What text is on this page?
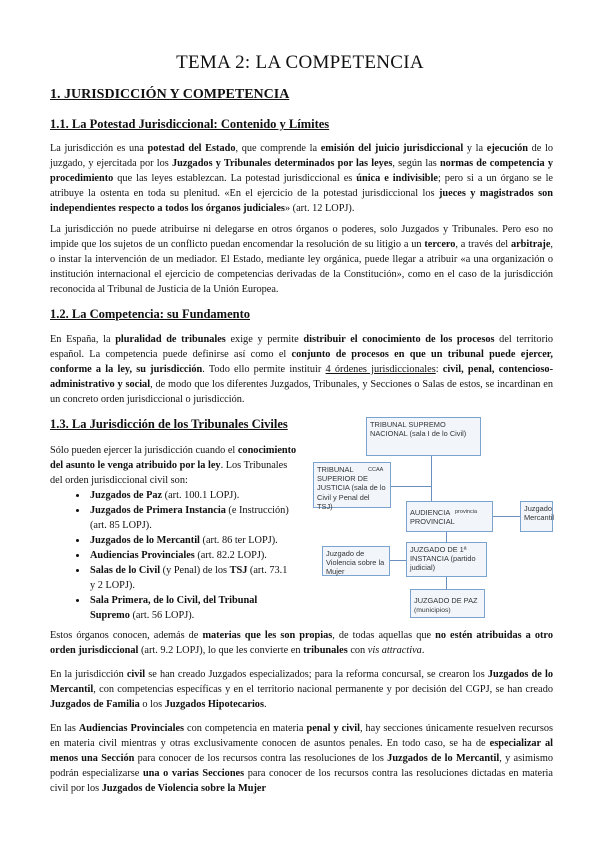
TEMA 2: LA COMPETENCIA
1. JURISDICCIÓN Y COMPETENCIA
1.1. La Potestad Jurisdiccional: Contenido y Límites
La jurisdicción es una potestad del Estado, que comprende la emisión del juicio jurisdiccional y la ejecución de lo juzgado, y ejercitada por los Juzgados y Tribunales determinados por las leyes, según las normas de competencia y procedimiento que las leyes establezcan. La potestad jurisdiccional es única e indivisible; pero si a un órgano se le atribuye la ostenta en toda su plenitud. «En el ejercicio de la potestad jurisdiccional los jueces y magistrados son independientes respecto a todos los órganos judiciales» (art. 12 LOPJ).
La jurisdicción no puede atribuirse ni delegarse en otros órganos o poderes, solo Juzgados y Tribunales. Pero eso no impide que los sujetos de un conflicto puedan encomendar la resolución de su litigio a un tercero, a través del arbitraje, o instar la intervención de un mediador. El Estado, mediante ley orgánica, puede llegar a atribuir «a una organización o institución internacional el ejercicio de competencias derivadas de la Constitución», como en el caso de la jurisdicción reconocida al Tribunal de Justicia de la Unión Europea.
1.2. La Competencia: su Fundamento
En España, la pluralidad de tribunales exige y permite distribuir el conocimiento de los procesos del territorio español. La competencia puede definirse así como el conjunto de procesos en que un tribunal puede ejercer, conforme a la ley, su jurisdicción. Todo ello permite instituir 4 órdenes jurisdiccionales: civil, penal, contencioso-administrativo y social, de modo que los diferentes Juzgados, Tribunales, y Secciones o Salas de estos, se incardinan en un concreto orden jurisdiccional o jurisdicción.
1.3. La Jurisdicción de los Tribunales Civiles
Sólo pueden ejercer la jurisdicción cuando el conocimiento del asunto le venga atribuido por la ley. Los Tribunales del orden jurisdiccional civil son:
• Juzgados de Paz (art. 100.1 LOPJ).
• Juzgados de Primera Instancia (e Instrucción) (art. 85 LOPJ).
• Juzgados de lo Mercantil (art. 86 ter LOPJ).
• Audiencias Provinciales (art. 82.2 LOPJ).
• Salas de lo Civil (y Penal) de los TSJ (art. 73.1 y 2 LOPJ).
• Sala Primera, de lo Civil, del Tribunal Supremo (art. 56 LOPJ).
TRIBUNAL SUPREMO NACIONAL (sala I de lo Civil)
TRIBUNAL SUPERIOR DE JUSTICIA (sala de lo Civil y Penal del TSJ)
CCAA
AUDIENCIA PROVINCIAL
provincia	Juzgado Mercantil
Juzgado de Violencia sobre la Mujer
JUZGADO DE 1ª INSTANCIA (partido judicial)
JUZGADO DE PAZ (municipios)
Estos órganos conocen, además de materias que les son propias, de todas aquellas que no estén atribuidas a otro orden jurisdiccional (art. 9.2 LOPJ), lo que les convierte en tribunales con vis attractiva.
En la jurisdicción civil se han creado Juzgados especializados; para la reforma concursal, se crearon los Juzgados de lo Mercantil, con competencias específicas y en el territorio nacional permanente y por decisión del CGPJ, se han creado Juzgados de Familia o los Juzgados Hipotecarios.
En las Audiencias Provinciales con competencia en materia penal y civil, hay secciones únicamente resuelven recursos en materia civil mientras y otras exclusivamente conocen de asuntos penales. En todo caso, se ha de especializar al menos una Sección para conocer de los recursos contra las resoluciones de los Juzgados de lo Mercantil, y asimismo podrán especializarse una o varias Secciones para conocer de los recursos contra las resoluciones dictadas en materia civil por los Juzgados de Violencia sobre la Mujer
